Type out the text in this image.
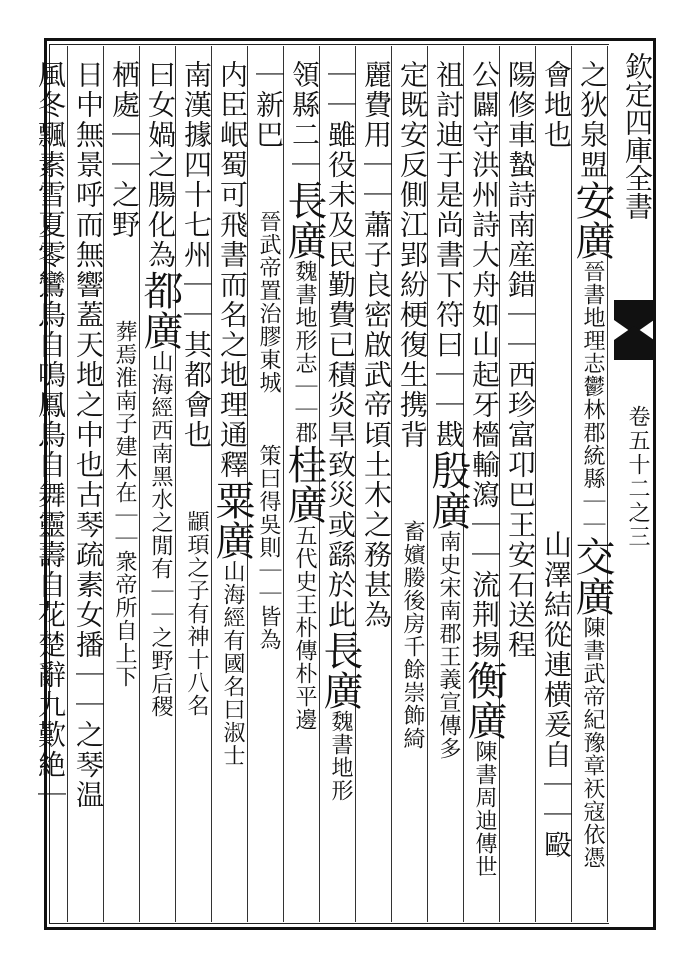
欽定四庫全書
卷五十二之三
之狄泉盟安廣晉書地理志鬱林郡統縣｜｜交廣陳書武帝紀豫章祆寇依憑
會地也山澤結從連横爰自｜｜毆
陽修車蟄詩南産錯｜｜西珍富卭巴王安石送程
公闢守洪州詩大舟如山起牙檣輸瀉｜｜流荆揚衡廣陳書周迪傳世
祖討迪于是尚書下符曰｜｜戡殷廣南史宋南郡王義宣傳多
定既安反側江郢紛梗復生携背畜嬪媵後房千餘崇飾綺
麗費用｜｜蕭子良密啟武帝頃土木之務甚為
｜｜雖役未及民勤費已積炎旱致災或繇於此長廣魏書地形
領縣二｜長廣魏書地形志｜｜郡桂廣五代史王朴傳朴平邊
｜新巴晉武帝置治膠東城策曰得吳則｜｜皆為
内臣岷蜀可飛書而名之地理通釋粟廣山海經有國名曰淑士
南漢據四十七州｜｜其都會也顓頊之子有神十八名
曰女媧之腸化為都廣山海經西南黑水之閒有｜｜之野后稷
栖處｜｜之野葬焉淮南子建木在｜｜衆帝所自上下
日中無景呼而無響蓋天地之中也古琴疏素女播｜｜之琴温
風冬飄素雪夏零鸞鳥自鳴鳳鳥自舞靈壽自花楚辭九歎絶｜
